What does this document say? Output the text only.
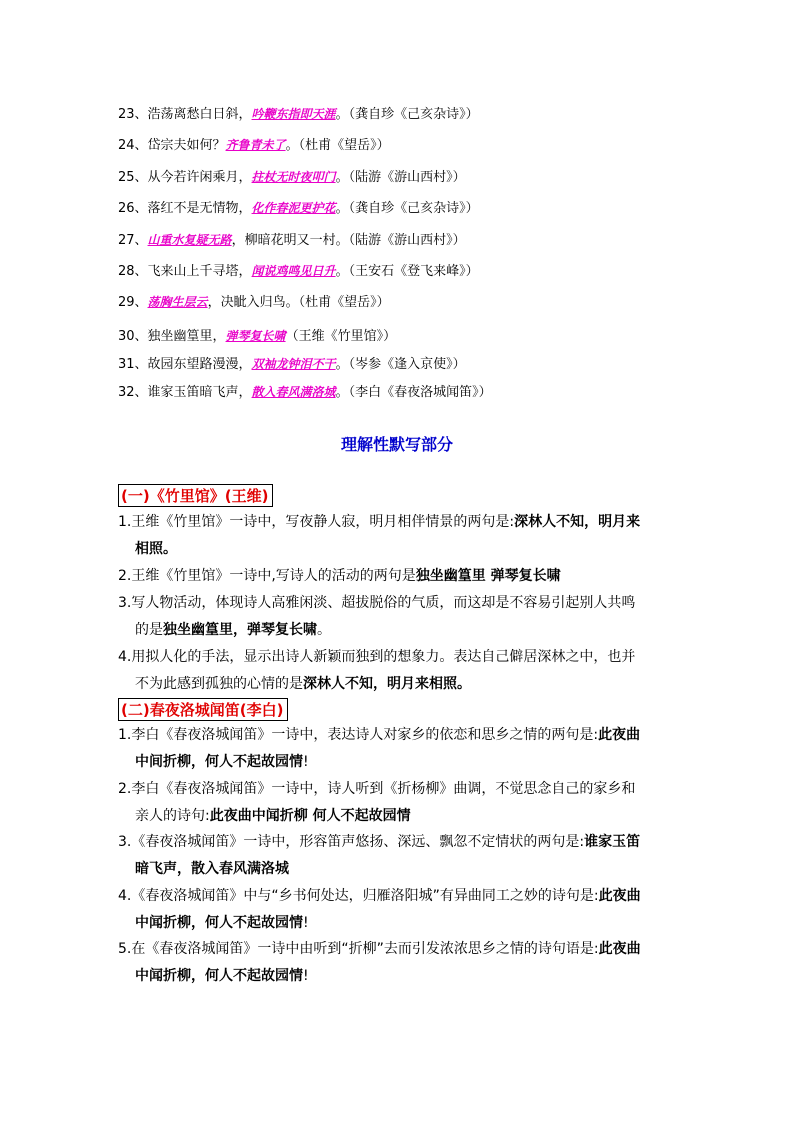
23、浩荡离愁白日斜，吟鞭东指即天涯。（龚自珍《己亥杂诗》）
24、岱宗夫如何？齐鲁青未了。（杜甫《望岳》）
25、从今若许闲乘月，拄杖无时夜叩门。（陆游《游山西村》）
26、落红不是无情物，化作春泥更护花。（龚自珍《己亥杂诗》）
27、山重水复疑无路，柳暗花明又一村。（陆游《游山西村》）
28、飞来山上千寻塔，闻说鸡鸣见日升。（王安石《登飞来峰》）
29、荡胸生层云，决眦入归鸟。（杜甫《望岳》）
30、独坐幽篁里，弹琴复长啸（王维《竹里馆》）
31、故园东望路漫漫，双袖龙钟泪不干。（岑参《逢入京使》）
32、谁家玉笛暗飞声，散入春风满洛城。（李白《春夜洛城闻笛》）
理解性默写部分
(一)《竹里馆》(王维)
1.王维《竹里馆》一诗中，写夜静人寂，明月相伴情景的两句是:深林人不知，明月来
相照。
2.王维《竹里馆》一诗中,写诗人的活动的两句是独坐幽篁里 弹琴复长啸
3.写人物活动，体现诗人高雅闲淡、超拔脱俗的气质，而这却是不容易引起别人共鸣
的是独坐幽篁里，弹琴复长啸。
4.用拟人化的手法，显示出诗人新颖而独到的想象力。表达自己僻居深林之中，也并
不为此感到孤独的心情的是深林人不知，明月来相照。
(二)春夜洛城闻笛(李白)
1.李白《春夜洛城闻笛》一诗中，表达诗人对家乡的依恋和思乡之情的两句是:此夜曲
中间折柳，何人不起故园情!
2.李白《春夜洛城闻笛》一诗中，诗人听到《折杨柳》曲调，不觉思念自己的家乡和
亲人的诗句:此夜曲中闻折柳 何人不起故园情
3.《春夜洛城闻笛》一诗中，形容笛声悠扬、深远、飘忽不定情状的两句是:谁家玉笛
暗飞声，散入春风满洛城
4.《春夜洛城闻笛》中与“乡书何处达，归雁洛阳城”有异曲同工之妙的诗句是:此夜曲
中闻折柳，何人不起故园情!
5.在《春夜洛城闻笛》一诗中由听到“折柳”去而引发浓浓思乡之情的诗句语是:此夜曲
中闻折柳，何人不起故园情!
